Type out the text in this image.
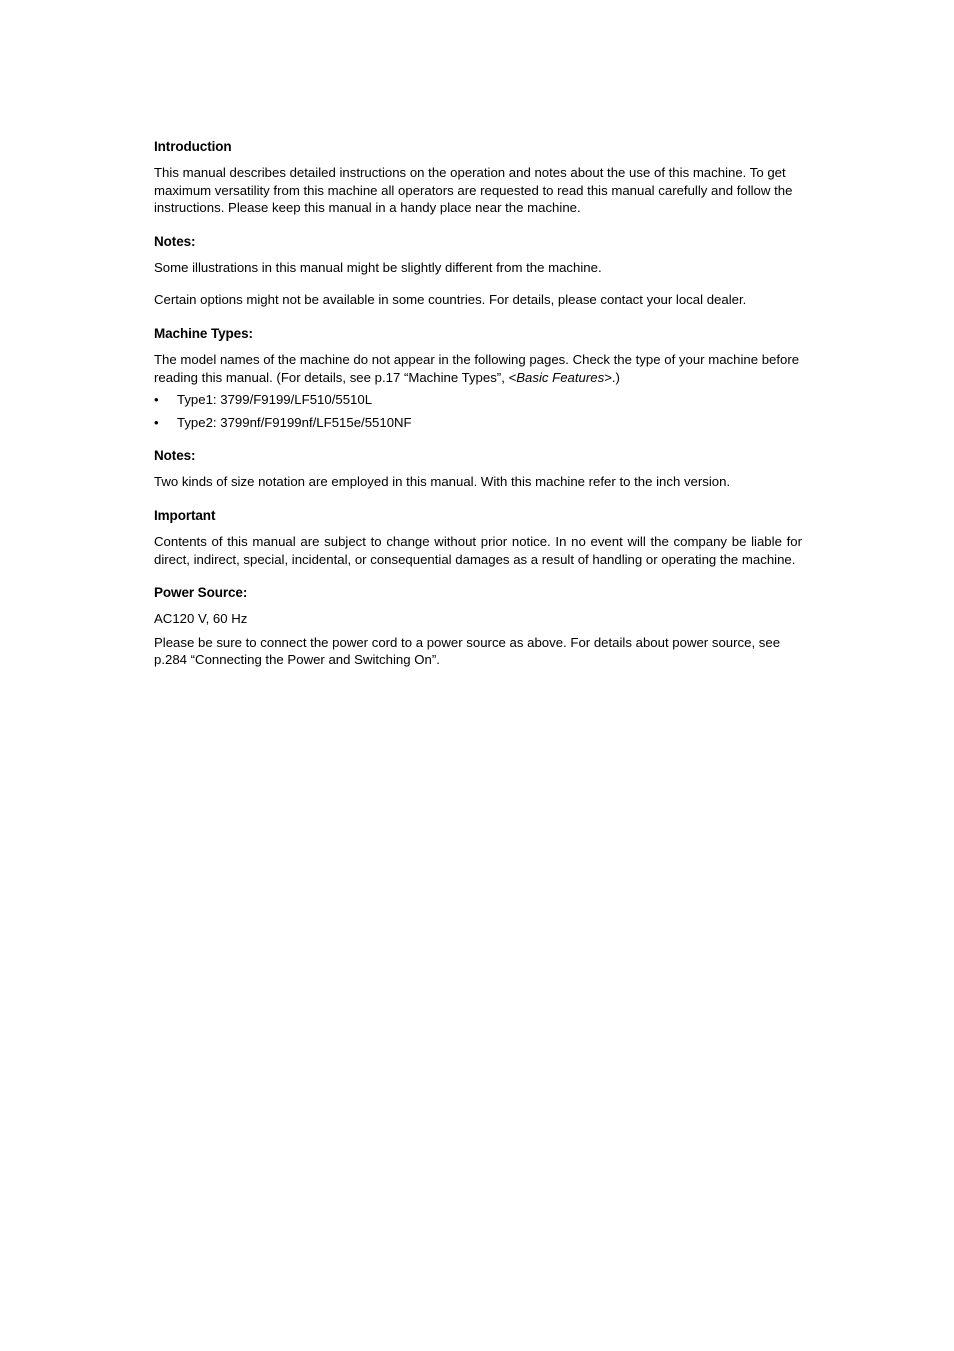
Introduction

This manual describes detailed instructions on the operation and notes about the use of this machine. To get maximum versatility from this machine all operators are requested to read this manual carefully and follow the instructions. Please keep this manual in a handy place near the machine.

Notes:

Some illustrations in this manual might be slightly different from the machine.

Certain options might not be available in some countries. For details, please contact your local dealer.

Machine Types:

The model names of the machine do not appear in the following pages. Check the type of your machine before reading this manual. (For details, see p.17 “Machine Types”, <Basic Features>.)

• Type1: 3799/F9199/LF510/5510L
• Type2: 3799nf/F9199nf/LF515e/5510NF
Notes:

Two kinds of size notation are employed in this manual. With this machine refer to the inch version.

Important

Contents of this manual are subject to change without prior notice. In no event will the company be liable for direct, indirect, special, incidental, or consequential damages as a result of handling or operating the machine.

Power Source:

AC120 V, 60 Hz

Please be sure to connect the power cord to a power source as above. For details about power source, see p.284 “Connecting the Power and Switching On”.
